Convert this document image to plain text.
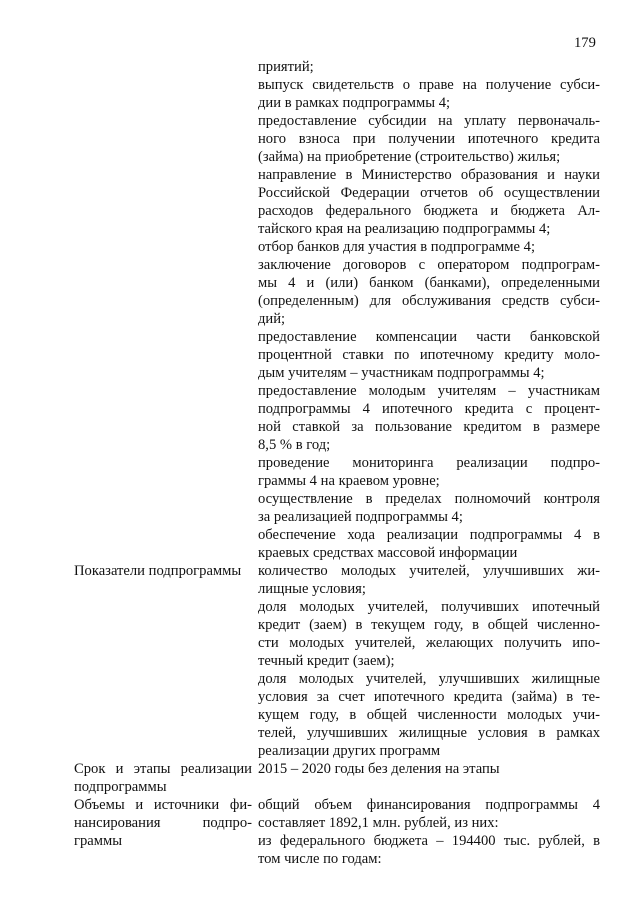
179
приятий;
выпуск свидетельств о праве на получение субси-
дии в рамках подпрограммы 4;
предоставление субсидии на уплату первоначаль-
ного взноса при получении ипотечного кредита
(займа) на приобретение (строительство) жилья;
направление в Министерство образования и науки
Российской Федерации отчетов об осуществлении
расходов федерального бюджета и бюджета Ал-
тайского края на реализацию подпрограммы 4;
отбор банков для участия в подпрограмме 4;
заключение договоров с оператором подпрограм-
мы 4 и (или) банком (банками), определенными
(определенным) для обслуживания средств субси-
дий;
предоставление компенсации части банковской
процентной ставки по ипотечному кредиту моло-
дым учителям – участникам подпрограммы 4;
предоставление молодым учителям – участникам
подпрограммы 4 ипотечного кредита с процент-
ной ставкой за пользование кредитом в размере
8,5 % в год;
проведение мониторинга реализации подпро-
граммы 4 на краевом уровне;
осуществление в пределах полномочий контроля
за реализацией подпрограммы 4;
обеспечение хода реализации подпрограммы 4 в
краевых средствах массовой информации
Показатели подпрограммы	количество молодых учителей, улучшивших жи-
лищные условия;
доля молодых учителей, получивших ипотечный
кредит (заем) в текущем году, в общей численно-
сти молодых учителей, желающих получить ипо-
течный кредит (заем);
доля молодых учителей, улучшивших жилищные
условия за счет ипотечного кредита (займа) в те-
кущем году, в общей численности молодых учи-
телей, улучшивших жилищные условия в рамках
реализации других программ
Срок и этапы реализации
подпрограммы
2015 – 2020 годы без деления на этапы
Объемы и источники фи-
нансирования подпро-
граммы
общий объем финансирования подпрограммы 4
составляет 1892,1 млн. рублей, из них:
из федерального бюджета – 194400 тыс. рублей, в
том числе по годам:
